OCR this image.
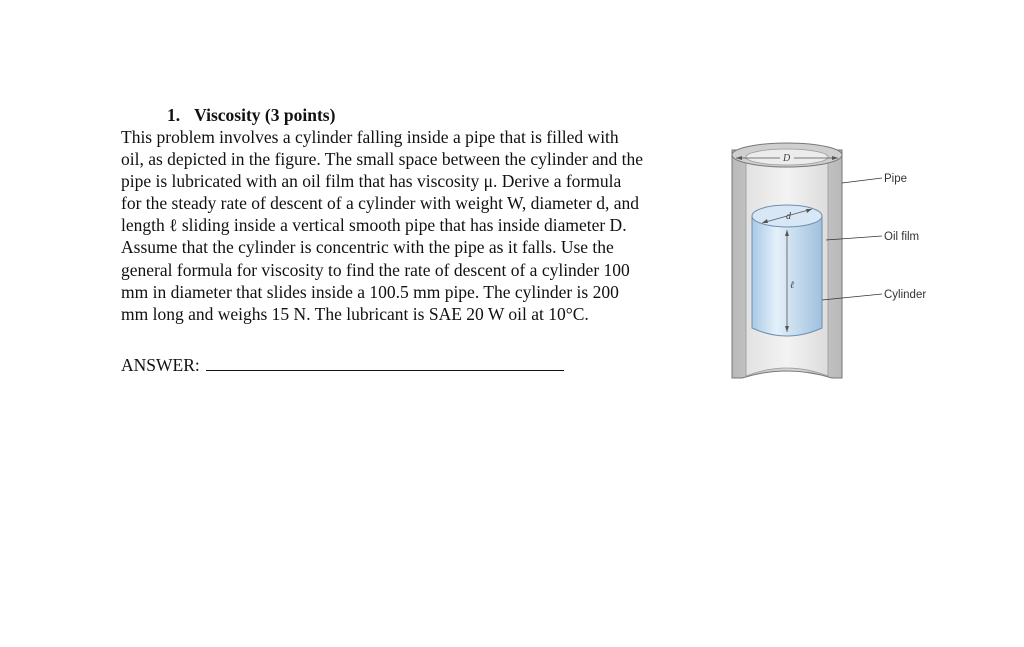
1. Viscosity (3 points)
This problem involves a cylinder falling inside a pipe that is filled with
oil, as depicted in the figure. The small space between the cylinder and the
pipe is lubricated with an oil film that has viscosity μ. Derive a formula
for the steady rate of descent of a cylinder with weight W, diameter d, and
length ℓ sliding inside a vertical smooth pipe that has inside diameter D.
Assume that the cylinder is concentric with the pipe as it falls. Use the
general formula for viscosity to find the rate of descent of a cylinder 100
mm in diameter that slides inside a 100.5 mm pipe. The cylinder is 200
mm long and weighs 15 N. The lubricant is SAE 20 W oil at 10°C.
ANSWER:
D
d
ℓ
Pipe
Oil film
Cylinder
